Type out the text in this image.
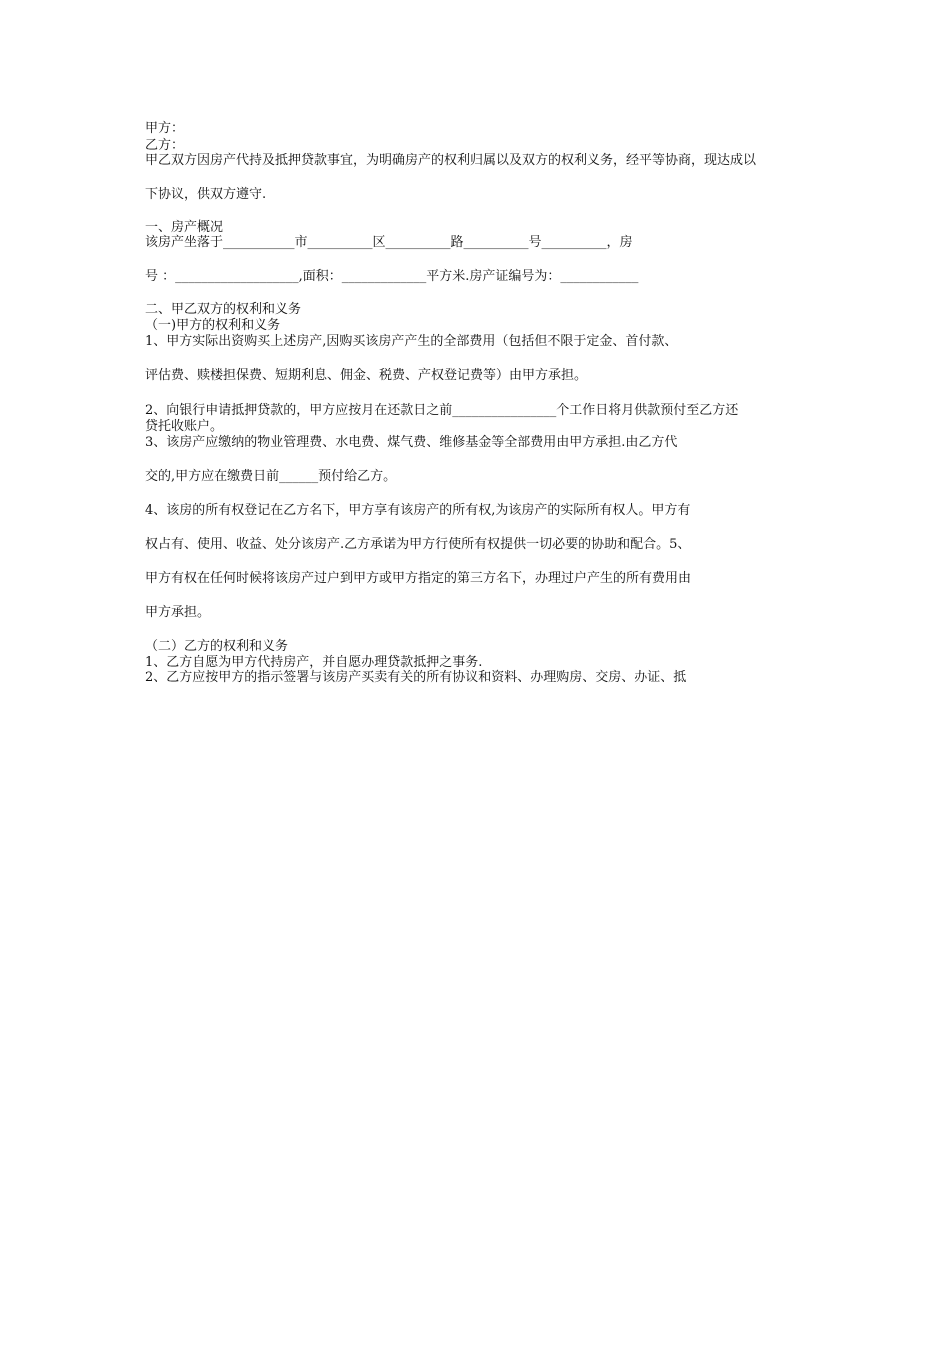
甲方：

乙方：

甲乙双方因房产代持及抵押贷款事宜，为明确房产的权利归属以及双方的权利义务，经平等协商，现达成以

下协议，供双方遵守.

一、房产概况

该房产坐落于___________市__________区__________路__________号__________，房

号 ：___________________,面积：_____________平方米.房产证编号为：____________

二、甲乙双方的权利和义务

（一)甲方的权利和义务

1、甲方实际出资购买上述房产,因购买该房产产生的全部费用（包括但不限于定金、首付款、

评估费、赎楼担保费、短期利息、佣金、税费、产权登记费等）由甲方承担。

2、向银行申请抵押贷款的，甲方应按月在还款日之前________________个工作日将月供款预付至乙方还

贷托收账户。

3、该房产应缴纳的物业管理费、水电费、煤气费、维修基金等全部费用由甲方承担.由乙方代

交的,甲方应在缴费日前______预付给乙方。

4、该房的所有权登记在乙方名下，甲方享有该房产的所有权,为该房产的实际所有权人。甲方有

权占有、使用、收益、处分该房产.乙方承诺为甲方行使所有权提供一切必要的协助和配合。5、

甲方有权在任何时候将该房产过户到甲方或甲方指定的第三方名下，办理过户产生的所有费用由

甲方承担。

（二）乙方的权利和义务

1、乙方自愿为甲方代持房产，并自愿办理贷款抵押之事务.

2、乙方应按甲方的指示签署与该房产买卖有关的所有协议和资料、办理购房、交房、办证、抵
